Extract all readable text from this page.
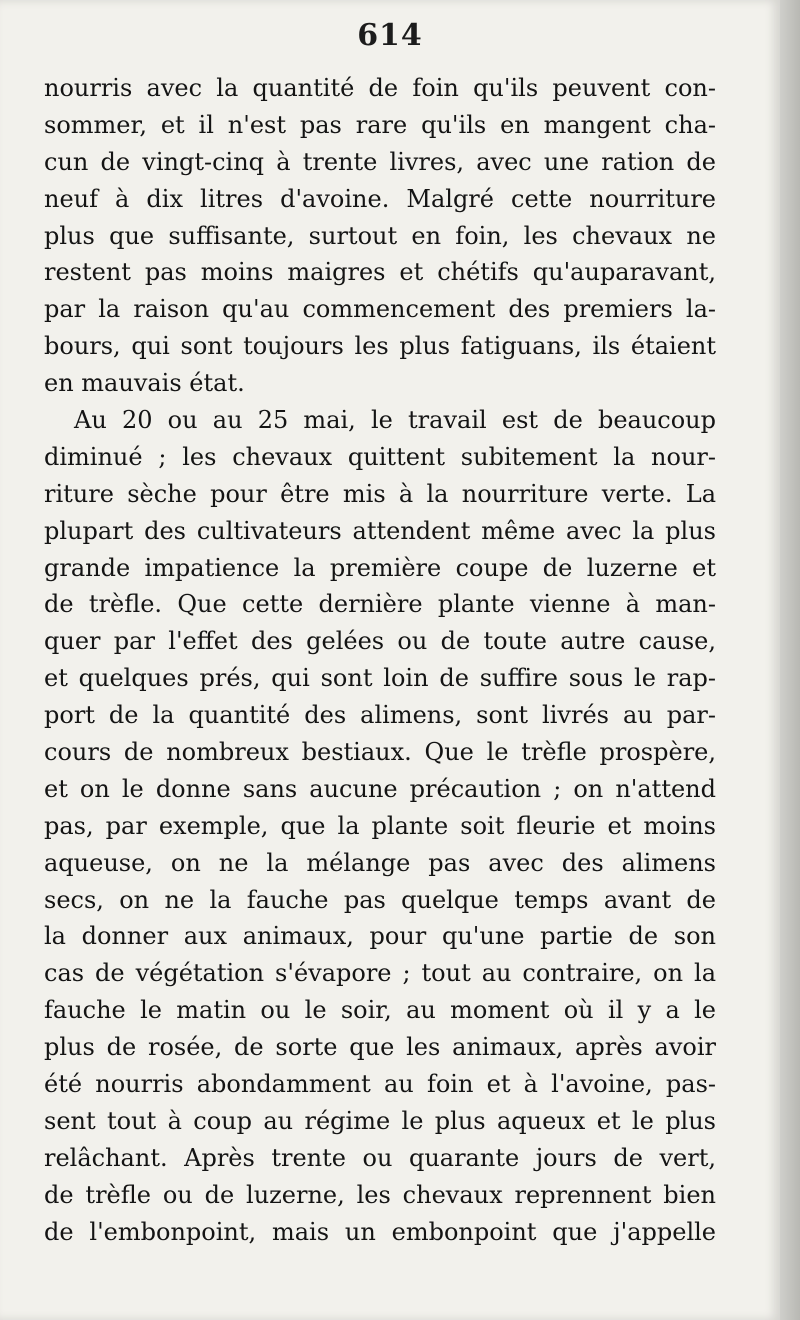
614
nourris avec la quantité de foin qu'ils peuvent con-
sommer, et il n'est pas rare qu'ils en mangent cha-
cun de vingt-cinq à trente livres, avec une ration de
neuf à dix litres d'avoine. Malgré cette nourriture
plus que suffisante, surtout en foin, les chevaux ne
restent pas moins maigres et chétifs qu'auparavant,
par la raison qu'au commencement des premiers la-
bours, qui sont toujours les plus fatiguans, ils étaient
en mauvais état.
Au 20 ou au 25 mai, le travail est de beaucoup
diminué ; les chevaux quittent subitement la nour-
riture sèche pour être mis à la nourriture verte. La
plupart des cultivateurs attendent même avec la plus
grande impatience la première coupe de luzerne et
de trèfle. Que cette dernière plante vienne à man-
quer par l'effet des gelées ou de toute autre cause,
et quelques prés, qui sont loin de suffire sous le rap-
port de la quantité des alimens, sont livrés au par-
cours de nombreux bestiaux. Que le trèfle prospère,
et on le donne sans aucune précaution ; on n'attend
pas, par exemple, que la plante soit fleurie et moins
aqueuse, on ne la mélange pas avec des alimens
secs, on ne la fauche pas quelque temps avant de
la donner aux animaux, pour qu'une partie de son
cas de végétation s'évapore ; tout au contraire, on la
fauche le matin ou le soir, au moment où il y a le
plus de rosée, de sorte que les animaux, après avoir
été nourris abondamment au foin et à l'avoine, pas-
sent tout à coup au régime le plus aqueux et le plus
relâchant. Après trente ou quarante jours de vert,
de trèfle ou de luzerne, les chevaux reprennent bien
de l'embonpoint, mais un embonpoint que j'appelle
